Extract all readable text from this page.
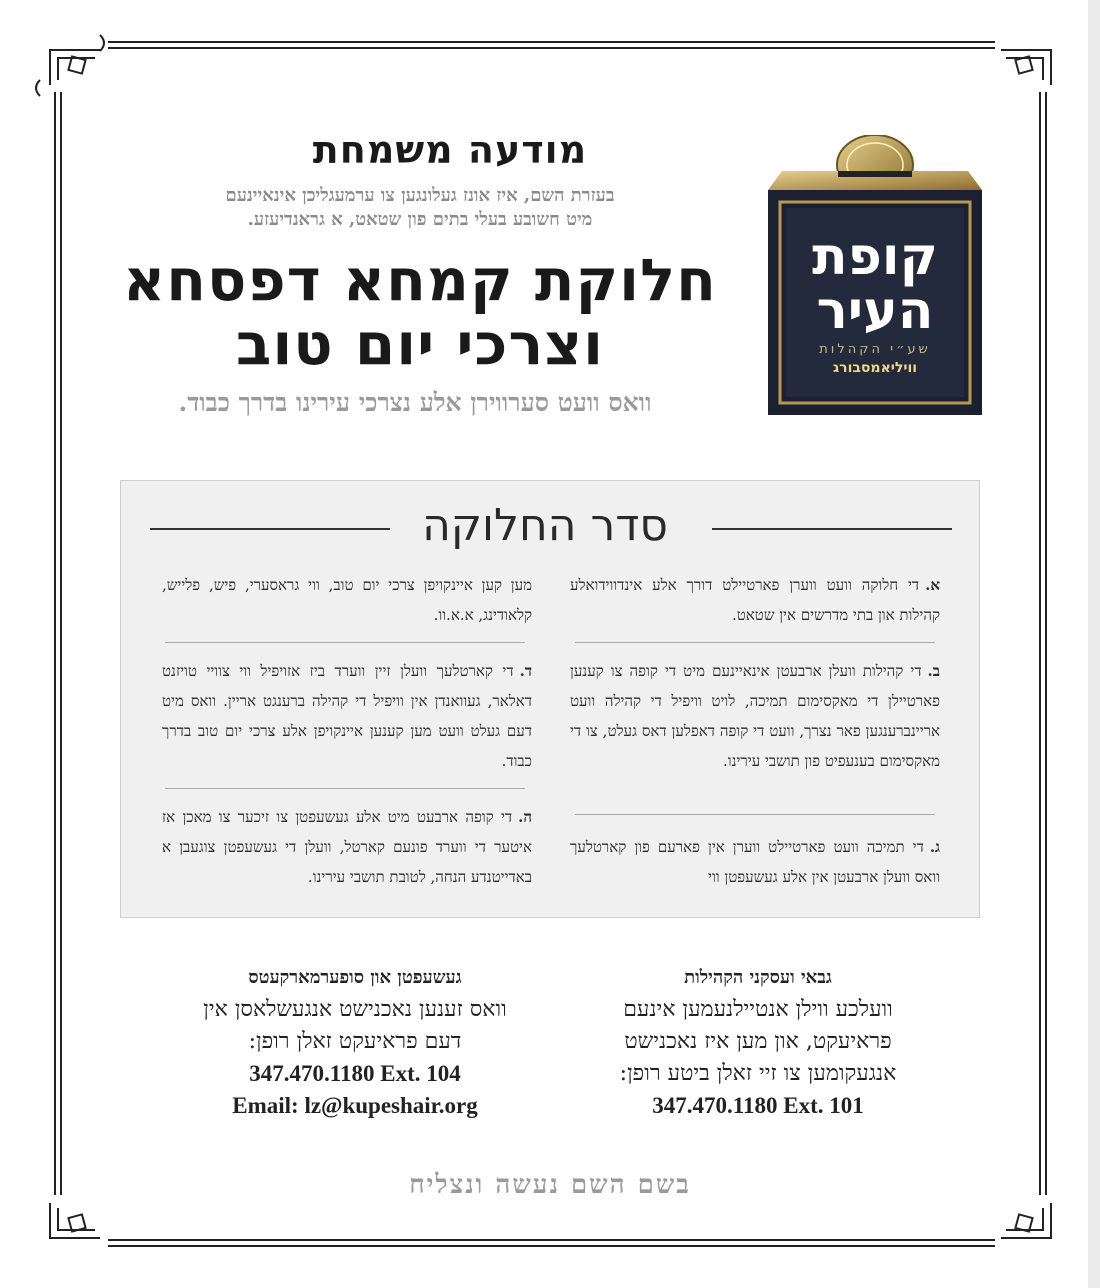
מודעה משמחת
בעזרת השם, איז אונז געלונגען צו ערמעגליכן אינאיינעם
מיט חשובע בעלי בתים פון שטאט, א גראנדיעזע.
חלוקת קמחא דפסחא
וצרכי יום טוב
וואס וועט סערווירן אלע נצרכי עירינו בדרך כבוד.
קופת
העיר
שע״י הקהלות
וויליאמסבורג
סדר החלוקה
א.די חלוקה וועט ווערן פארטיילט דורך אלע אינדווידואלע קהילות און בתי מדרשים אין שטאט.
ב.די קהילות וועלן ארבעטן אינאיינעם מיט די קופה צו קענען פארטיילן די מאקסימום תמיכה, לויט וויפיל די קהילה וועט אריינברענגען פאר נצרך, וועט די קופה דאפלען דאס געלט, צו די מאקסימום בענעפיט פון תושבי עירינו.
ג.די תמיכה וועט פארטיילט ווערן אין פארעם פון קארטלעך וואס וועלן ארבעטן אין אלע געשעפטן ווי
מען קען איינקויפן צרכי יום טוב, ווי גראסערי, פיש, פלייש, קלאודינג, א.א.וו.
ד.די קארטלעך וועלן זיין ווערד ביז אזויפיל ווי צוויי טויזנט דאלאר, געוואנדן אין וויפיל די קהילה ברענגט אריין. וואס מיט דעם געלט וועט מען קענען איינקויפן אלע צרכי יום טוב בדרך כבוד.
ה.די קופה ארבעט מיט אלע געשעפטן צו זיכער צו מאכן אז איטער די ווערד פונעם קארטל, וועלן די געשעפטן צוגעבן א באדייטנדע הנחה, לטובת תושבי עירינו.
גבאי ועסקני הקהילות
וועלכע ווילן אנטיילנעמען אינעם
פראיעקט, און מען איז נאכנישט
אנגעקומען צו זיי זאלן ביטע רופן:
347.470.1180 Ext. 101
געשעפטן און סופערמארקעטס
וואס זענען נאכנישט אנגעשלאסן אין
דעם פראיעקט זאלן רופן:
347.470.1180 Ext. 104
Email: lz@kupeshair.org
בשם השם נעשה ונצליח
